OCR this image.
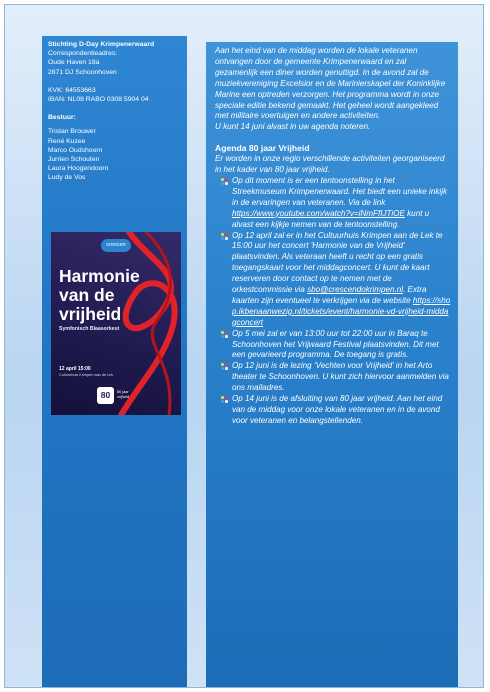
Stichting D-Day Krimpenerwaard
Correspondentieadres:
Oude Haven 18a
2871 DJ Schoonhoven
KVK: 64553663
IBAN: NL08 RABO 0308 5904 04
Bestuur:
Tristan Brouwer
René Kuzee
Marco Oudshoorn
Jurrien Schouten
Laura Hoogendoorn
Ludy de Vos
crescen
Harmonie
van de
vrijheid
Symfonisch Blaasorkest
12 april 15:00
Cultuurhuis Krimpen aan de Lek
80	80 jaar
vrijheid

Aan het eind van de middag worden de lokale veteranen ontvangen door de gemeente Krimpenerwaard en zal gezamenlijk een diner worden genuttigd. In de avond zal de muziekvereniging Excelsior en de Marinierskapel der Koninklijke Marine een optreden verzorgen. Het programma wordt in onze speciale editie bekend gemaakt. Het geheel wordt aangekleed met militaire voertuigen en andere activiteiten.

U kunt 14 juni alvast in uw agenda noteren.

Agenda 80 jaar Vrijheid

Er worden in onze regio verschillende activiteiten georganiseerd in het kader van 80 jaar vrijheid.

Op dit moment is er een tentoonstelling in het Streekmuseum Krimpenerwaard. Het biedt een unieke inkijk in de ervaringen van veteranen. Via de link https://www.youtube.com/watch?v=iNmFfIJTiOE kunt u alvast een kijkje nemen van de tentoonstelling.
Op 12 april zal er in het Cultuurhuis Krimpen aan de Lek te 15:00 uur het concert 'Harmonie van de Vrijheid' plaatsvinden. Als veteraan heeft u recht op een gratis toegangskaart voor het middagconcert. U kunt de kaart reserveren door contact op te nemen met de orkestcommissie via sbo@crescendokrimpen.nl. Extra kaarten zijn eventueel te verkrijgen via de website https://shop.ikbenaanwezig.nl/tickets/event/harmonie-vd-vrijheid-middagconcert
Op 5 mei zal er van 13:00 uur tot 22:00 uur in Baraq te Schoonhoven het Vrijwaard Festival plaatsvinden. Dit met een gevarieerd programma. De toegang is gratis.
Op 12 juni is de lezing ‘Vechten voor Vrijheid’ in het Arto theater te Schoonhoven. U kunt zich hiervoor aanmelden via ons mailadres.
Op 14 juni is de afsluiting van 80 jaar vrijheid. Aan het eind van de middag voor onze lokale veteranen en in de avond voor veteranen en belangstellenden.
